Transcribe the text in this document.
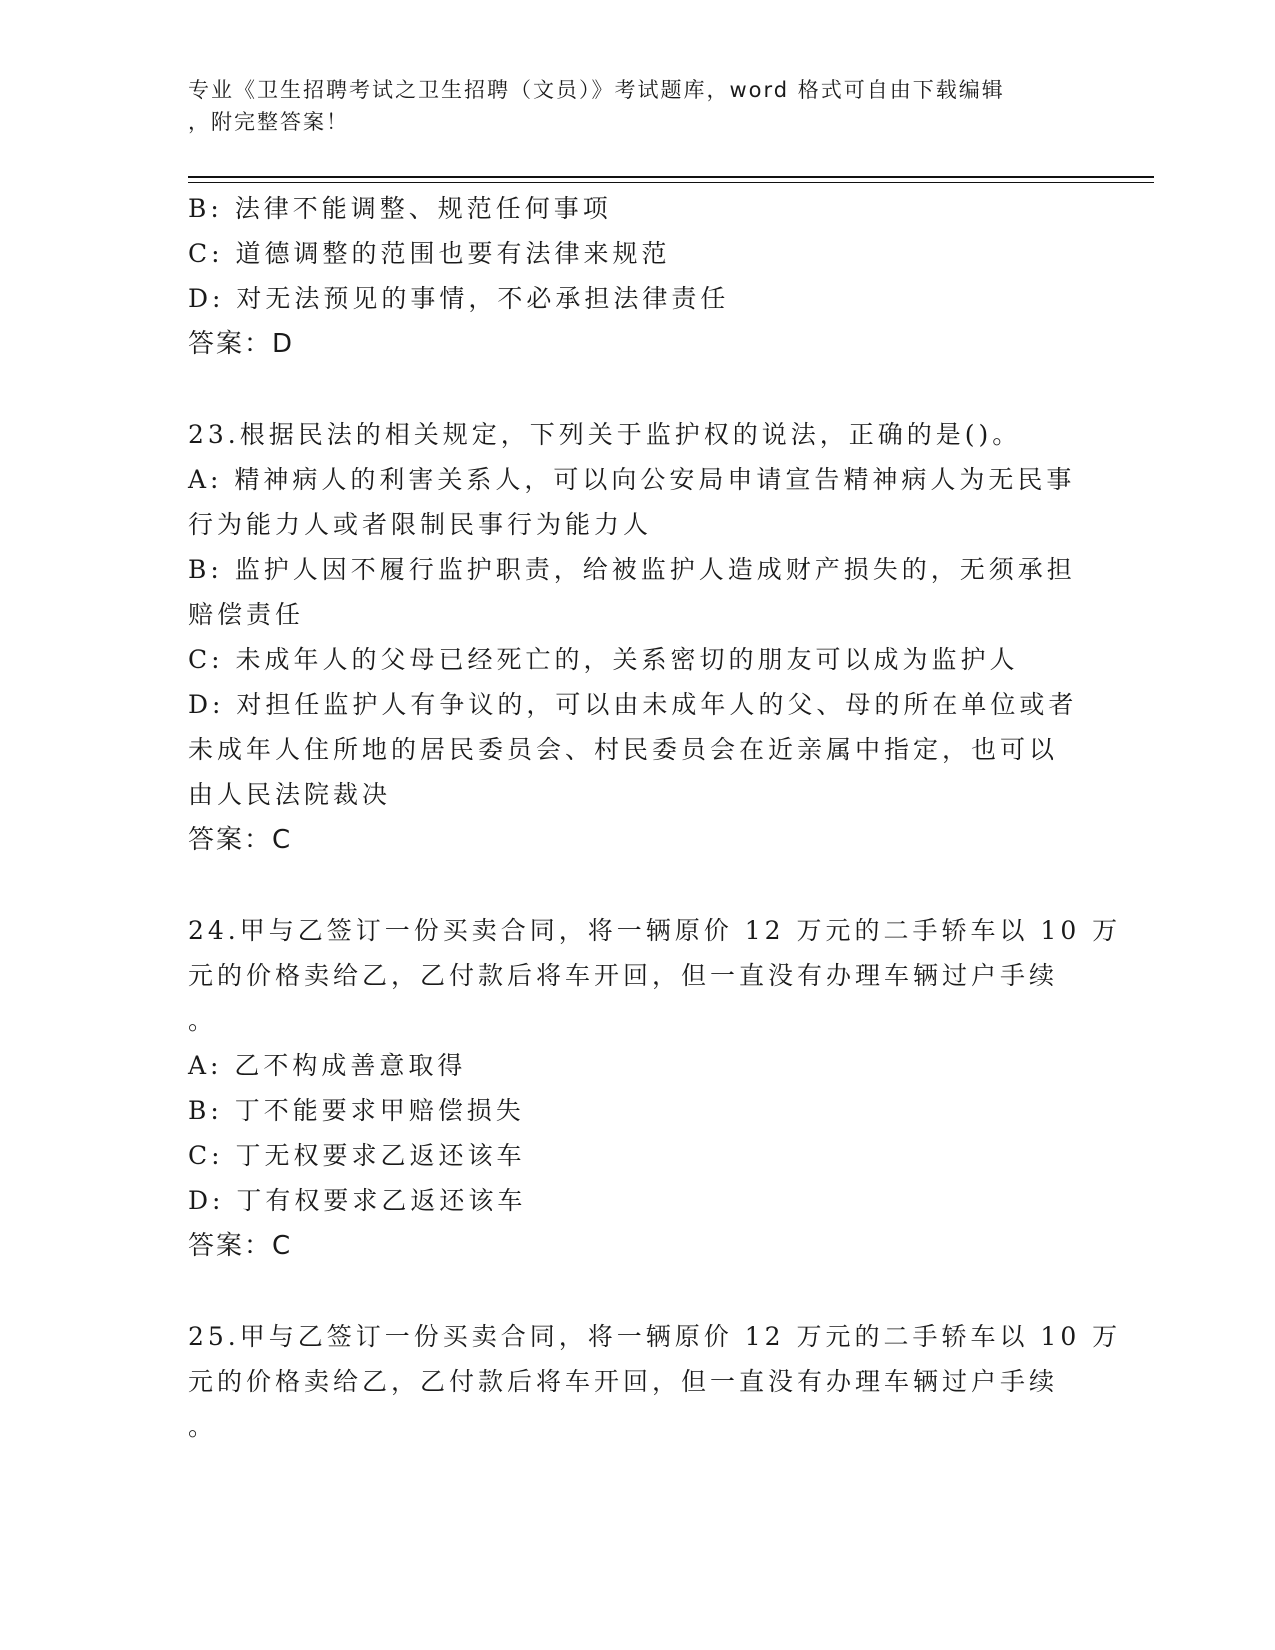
专业《卫生招聘考试之卫生招聘（文员）》考试题库，word 格式可自由下载编辑
，附完整答案！
B: 法律不能调整、规范任何事项
C: 道德调整的范围也要有法律来规范
D: 对无法预见的事情，不必承担法律责任
答案：D
23.根据民法的相关规定，下列关于监护权的说法，正确的是()。
A: 精神病人的利害关系人，可以向公安局申请宣告精神病人为无民事
行为能力人或者限制民事行为能力人
B: 监护人因不履行监护职责，给被监护人造成财产损失的，无须承担
赔偿责任
C: 未成年人的父母已经死亡的，关系密切的朋友可以成为监护人
D: 对担任监护人有争议的，可以由未成年人的父、母的所在单位或者
未成年人住所地的居民委员会、村民委员会在近亲属中指定，也可以
由人民法院裁决
答案：C
24.甲与乙签订一份买卖合同，将一辆原价 12 万元的二手轿车以 10 万
元的价格卖给乙，乙付款后将车开回，但一直没有办理车辆过户手续
。
A: 乙不构成善意取得
B: 丁不能要求甲赔偿损失
C: 丁无权要求乙返还该车
D: 丁有权要求乙返还该车
答案：C
25.甲与乙签订一份买卖合同，将一辆原价 12 万元的二手轿车以 10 万
元的价格卖给乙，乙付款后将车开回，但一直没有办理车辆过户手续
。
